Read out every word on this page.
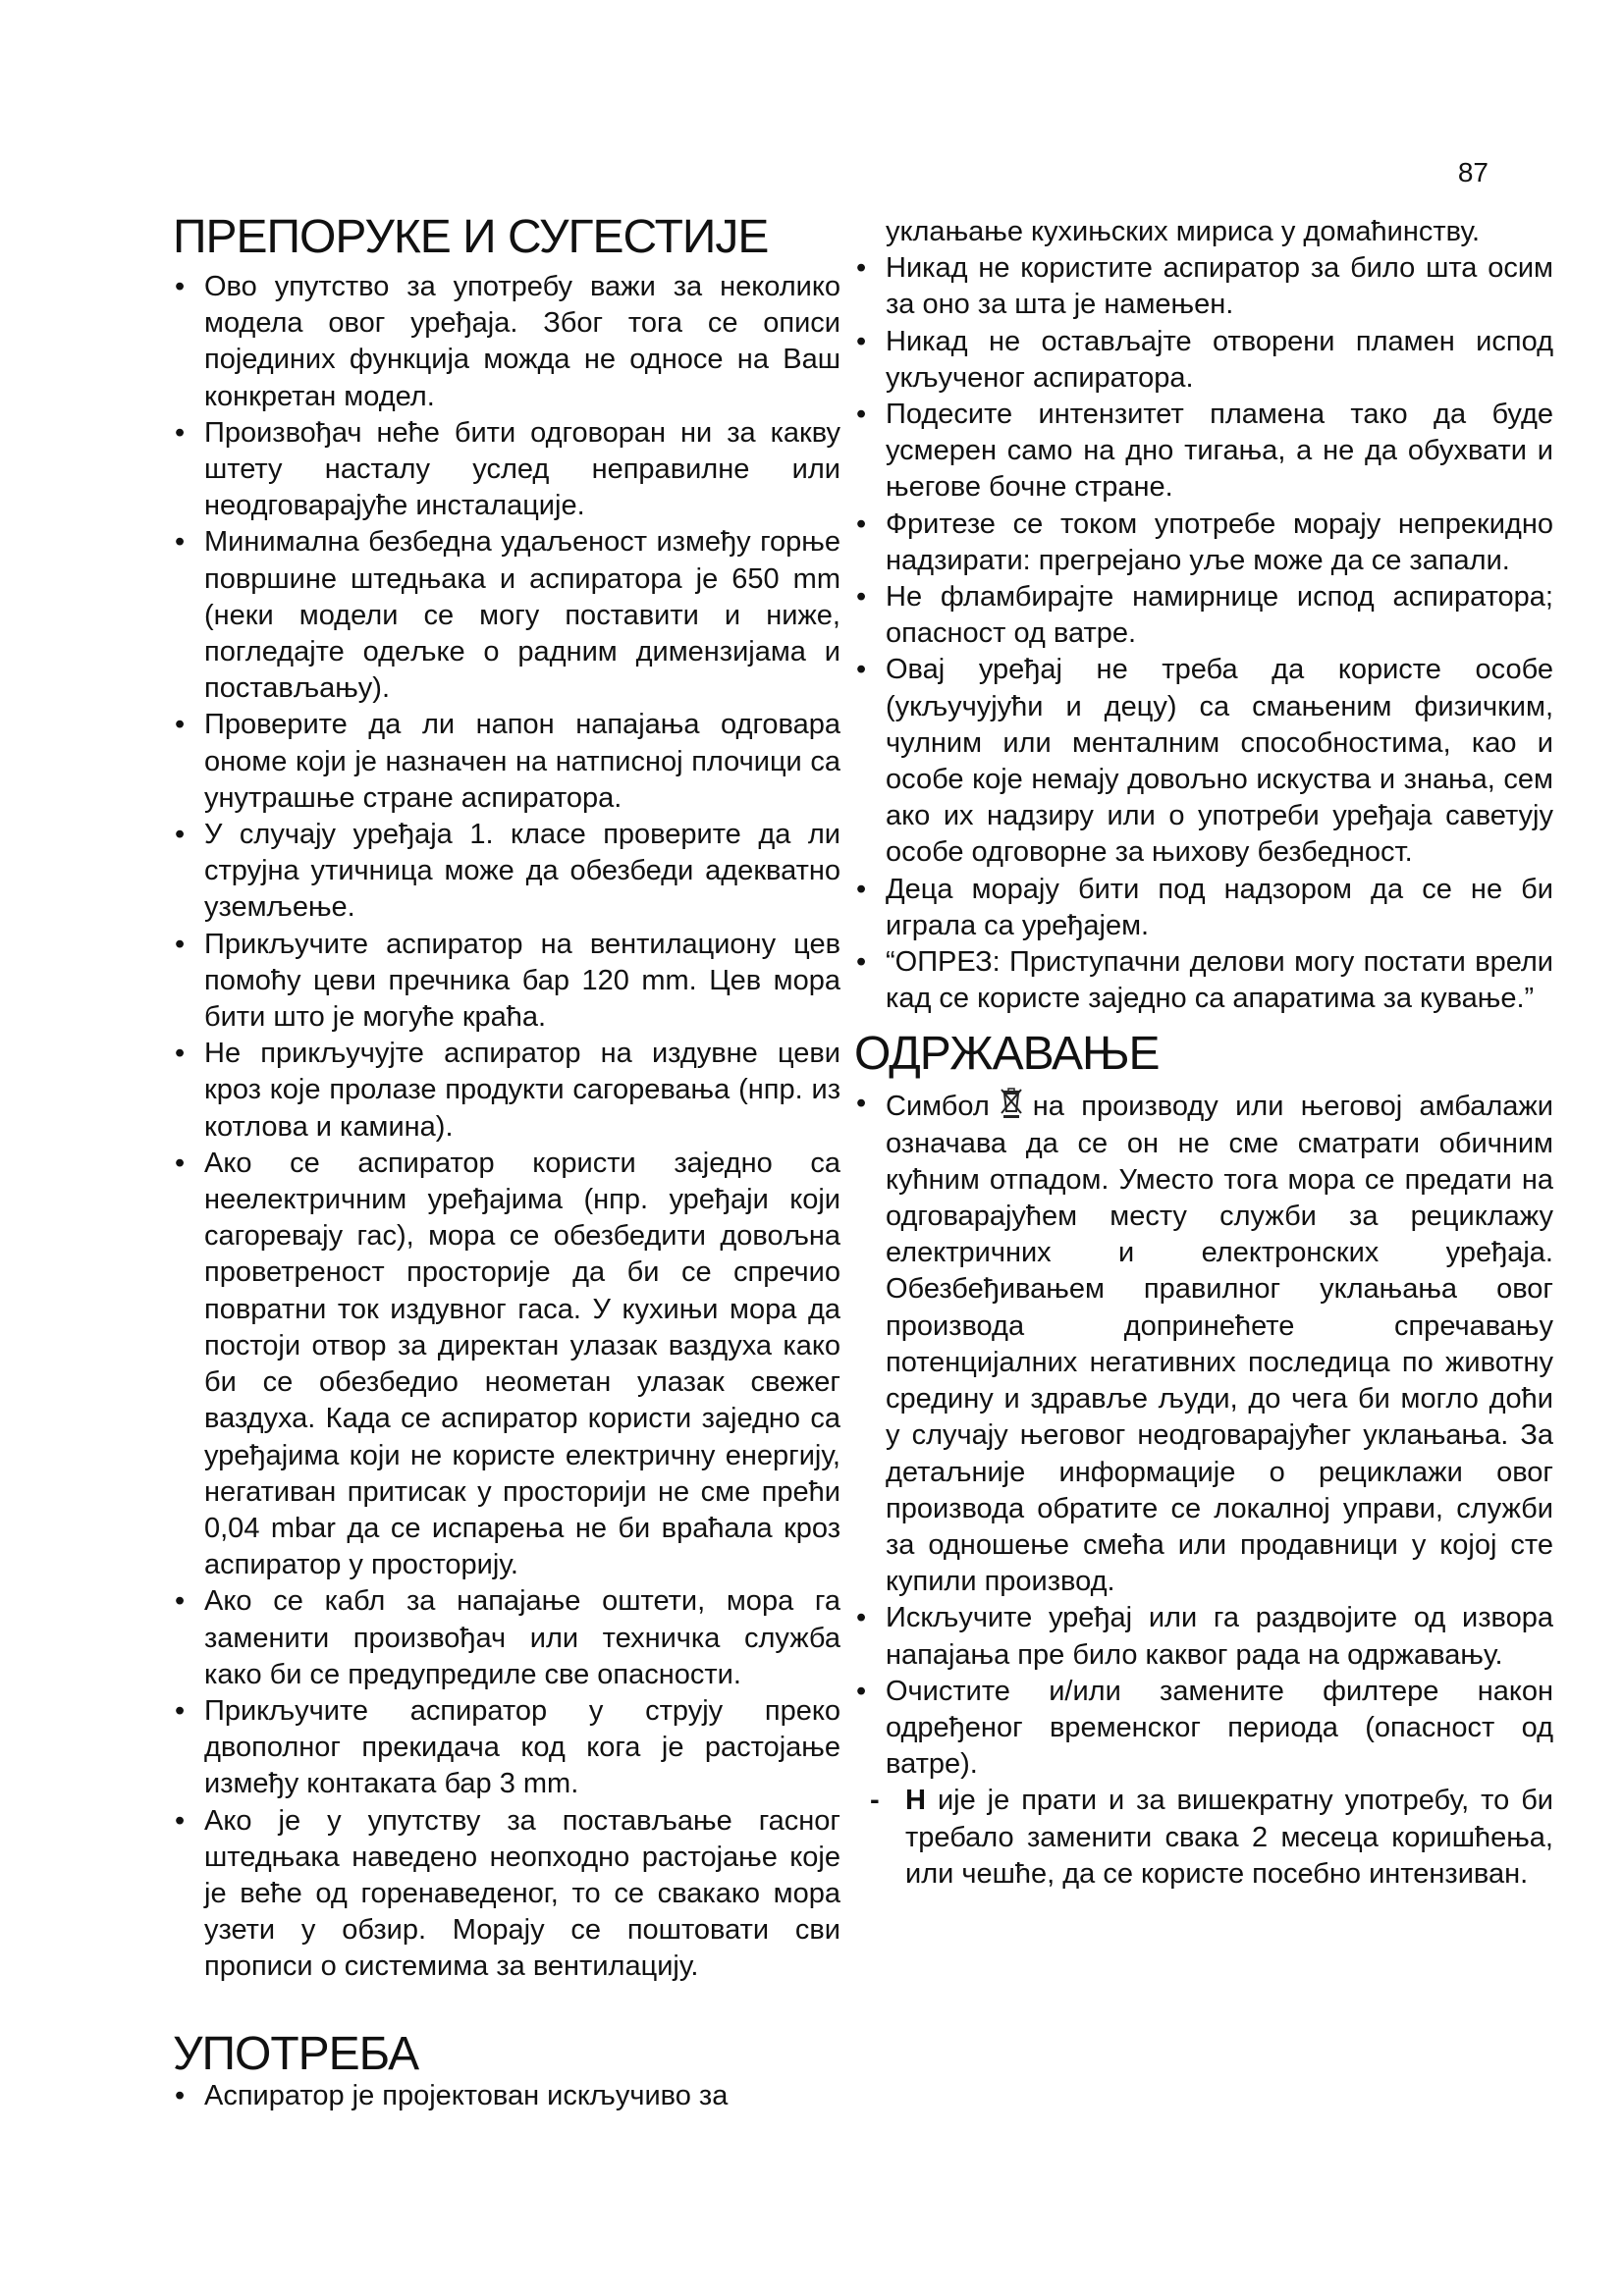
87
ПРЕПОРУКЕ И СУГЕСТИЈЕ
• Ово упутство за употребу важи за неколико модела овог уређаја. Због тога се описи појединих функција можда не односе на Ваш конкретан модел.
• Произвођач неће бити одговоран ни за какву штету насталу услед неправилне или неодговарајуће инсталације.
• Минимална безбедна удаљеност између горње површине штедњака и аспиратора је 650 mm (неки модели се могу поставити и ниже, погледајте одељке о радним димензијама и постављању).
• Проверите да ли напон напајања одговара ономе који је назначен на натписној плочици са унутрашње стране аспиратора.
• У случају уређаја 1. класе проверите да ли струјна утичница може да обезбеди адекватно уземљење.
• Прикључите аспиратор на вентилациону цев помоћу цеви пречника бар 120 mm. Цев мора бити што је могуће краћа.
• Не прикључујте аспиратор на издувне цеви кроз које пролазе продукти сагоревања (нпр. из котлова и камина).
• Ако се аспиратор користи заједно са неелектричним уређајима (нпр. уређаји који сагоревају гас), мора се обезбедити довољна проветреност просторије да би се спречио повратни ток издувног гаса. У кухињи мора да постоји отвор за директан улазак ваздуха како би се обезбедио неометан улазак свежег ваздуха. Када се аспиратор користи заједно са уређајима који не користе електричну енергију, негативан притисак у просторији не сме прећи 0,04 mbar да се испарења не би враћала кроз аспиратор у просторију.
• Ако се кабл за напајање оштети, мора га заменити произвођач или техничка служба како би се предупредиле све опасности.
• Прикључите аспиратор у струју преко двополног прекидача код кога је растојање између контаката бар 3 mm.
• Ако је у упутству за постављање гасног штедњака наведено неопходно растојање које је веће од горенаведеног, то се свакако мора узети у обзир. Морају се поштовати сви прописи о системима за вентилацију.
УПОТРЕБА
• Аспиратор је пројектован искључиво за

уклањање кухињских мириса у домаћинству.

• Никад не користите аспиратор за било шта осим за оно за шта је намењен.
• Никад не остављајте отворени пламен испод укљученог аспиратора.
• Подесите интензитет пламена тако да буде усмерен само на дно тигања, а не да обухвати и његове бочне стране.
• Фритезе се током употребе морају непрекидно надзирати: прегрејано уље може да се запали.
• Не фламбирајте намирнице испод аспиратора; опасност од ватре.
• Овај уређај не треба да користе особе (укључујући и децу) са смањеним физичким, чулним или менталним способностима, као и особе које немају довољно искуства и знања, сем ако их надзиру или о употреби уређаја саветују особе одговорне за њихову безбедност.
• Деца морају бити под надзором да се не би играла са уређајем.
• “ОПРЕЗ: Приступачни делови могу постати врели кад се користе заједно са апаратима за кување.”
ОДРЖАВАЊЕ
• Симбол на производу или његовој амбалажи означава да се он не сме сматрати обичним кућним отпадом. Уместо тога мора се предати на одговарајућем месту служби за рециклажу електричних и електронских уређаја. Обезбеђивањем правилног уклањања овог производа допринећете спречавању потенцијалних негативних последица по животну средину и здравље људи, до чега би могло доћи у случају његовог неодговарајућег уклањања. За детаљније информације о рециклажи овог производа обратите се локалној управи, служби за одношење смећа или продавници у којој сте купили производ.
• Искључите уређај или га раздвојите од извора напајања пре било каквог рада на одржавању.
• Очистите и/или замените филтере након одређеног временског периода (опасност од ватре).
- Н ије је прати и за вишекратну употребу, то би требало заменити свака 2 месеца коришћења, или чешће, да се користе посебно интензиван.
